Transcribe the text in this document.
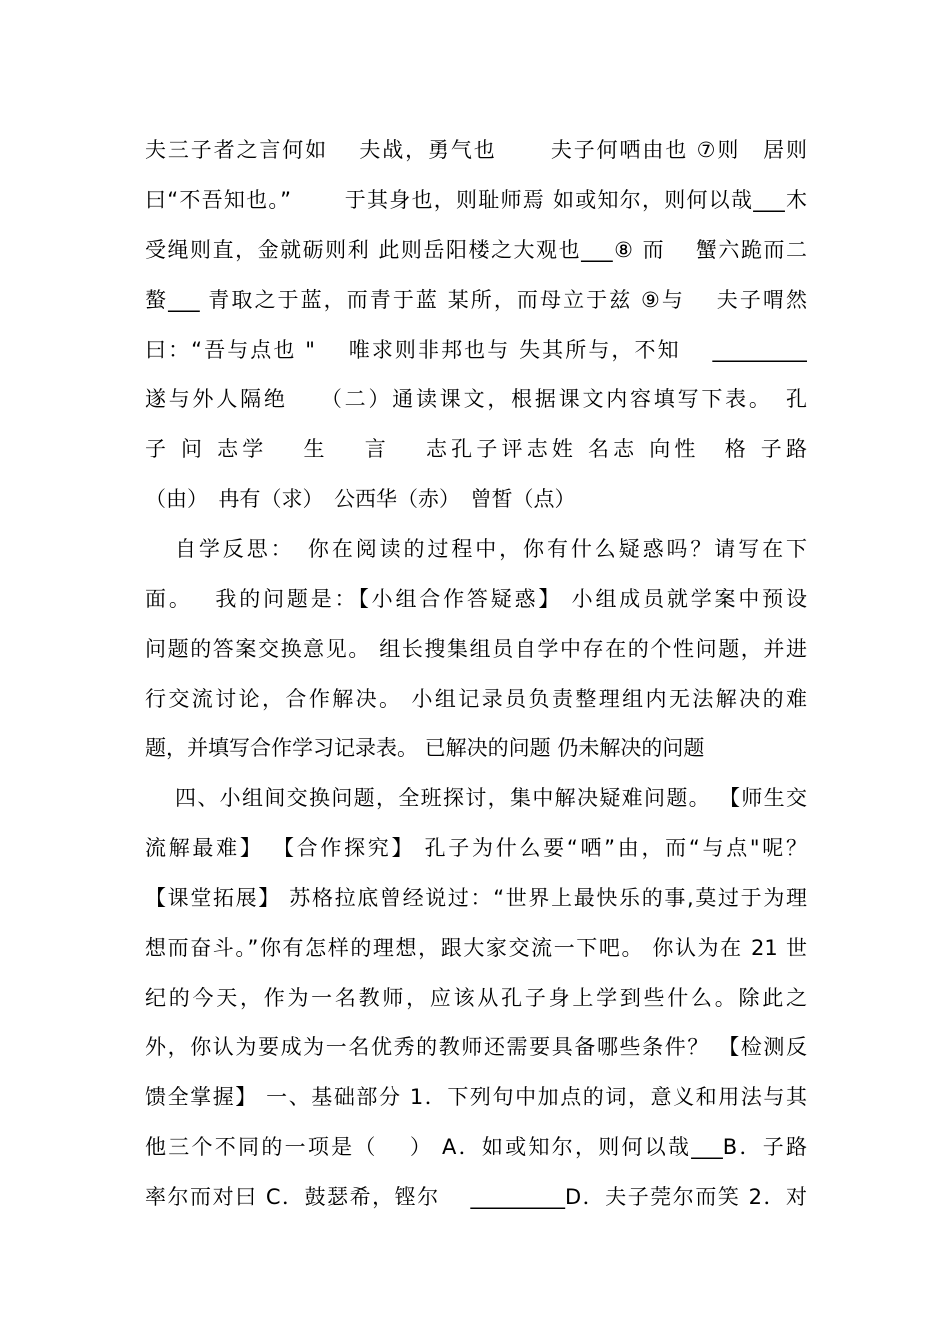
夫三子者之言何如　 夫战，勇气也　　 夫子何哂由也 ⑦则　居则
曰“不吾知也。”　　 于其身也，则耻师焉 如或知尔，则何以哉___木
受绳则直，金就砺则利 此则岳阳楼之大观也___⑧ 而　 蟹六跪而二
螯___ 青取之于蓝，而青于蓝 某所，而母立于兹 ⑨与　 夫子喟然
曰：“吾与点也 "　 唯求则非邦也与 失其所与，不知　 _________
遂与外人隔绝　 （二）通读课文，根据课文内容填写下表。　孔
子 问 志学　 生　 言　 志孔子评志姓 名志 向性　格 子路
（由）　冉有（求）　公西华（赤）　曾皙（点）
自学反思：　你在阅读的过程中，你有什么疑惑吗？请写在下
面。　 我的问题是：【小组合作答疑惑】 小组成员就学案中预设
问题的答案交换意见。 组长搜集组员自学中存在的个性问题，并进
行交流讨论，合作解决。 小组记录员负责整理组内无法解决的难
题，并填写合作学习记录表。 已解决的问题 仍未解决的问题
四、小组间交换问题，全班探讨，集中解决疑难问题。 【师生交
流解最难】 【合作探究】 孔子为什么要“哂”由，而“与点"呢？
【课堂拓展】 苏格拉底曾经说过：“世界上最快乐的事,莫过于为理
想而奋斗。”你有怎样的理想，跟大家交流一下吧。 你认为在 21 世
纪的今天，作为一名教师，应该从孔子身上学到些什么。除此之
外，你认为要成为一名优秀的教师还需要具备哪些条件？ 【检测反
馈全掌握】 一、基础部分 1．下列句中加点的词，意义和用法与其
他三个不同的一项是（　 ） A．如或知尔，则何以哉___B．子路
率尔而对曰 C．鼓瑟希，铿尔　 _________D．夫子莞尔而笑 2．对
